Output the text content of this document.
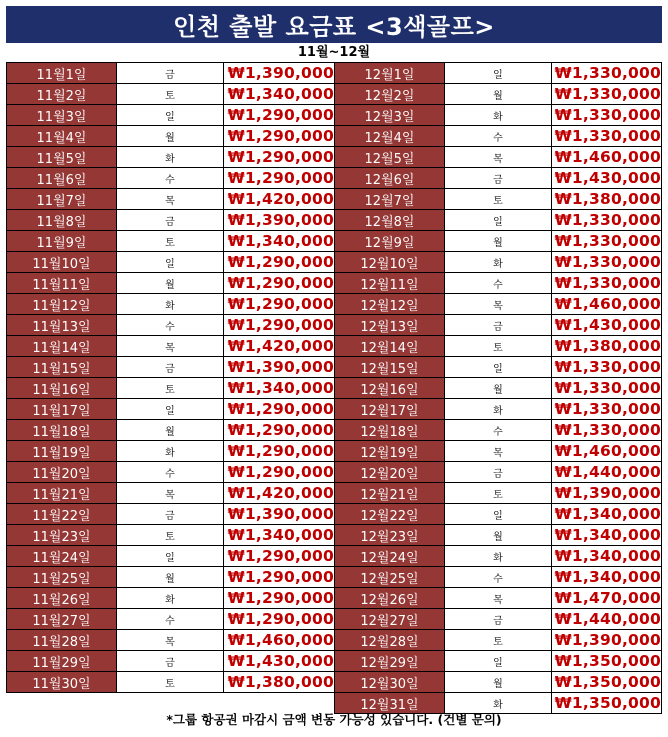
인천 출발 요금표 <3색골프>
11월~12월
11월1일	금	₩1,390,000
11월2일	토	₩1,340,000
11월3일	일	₩1,290,000
11월4일	월	₩1,290,000
11월5일	화	₩1,290,000
11월6일	수	₩1,290,000
11월7일	목	₩1,420,000
11월8일	금	₩1,390,000
11월9일	토	₩1,340,000
11월10일	일	₩1,290,000
11월11일	월	₩1,290,000
11월12일	화	₩1,290,000
11월13일	수	₩1,290,000
11월14일	목	₩1,420,000
11월15일	금	₩1,390,000
11월16일	토	₩1,340,000
11월17일	일	₩1,290,000
11월18일	월	₩1,290,000
11월19일	화	₩1,290,000
11월20일	수	₩1,290,000
11월21일	목	₩1,420,000
11월22일	금	₩1,390,000
11월23일	토	₩1,340,000
11월24일	일	₩1,290,000
11월25일	월	₩1,290,000
11월26일	화	₩1,290,000
11월27일	수	₩1,290,000
11월28일	목	₩1,460,000
11월29일	금	₩1,430,000
11월30일	토	₩1,380,000
12월1일	일	₩1,330,000
12월2일	월	₩1,330,000
12월3일	화	₩1,330,000
12월4일	수	₩1,330,000
12월5일	목	₩1,460,000
12월6일	금	₩1,430,000
12월7일	토	₩1,380,000
12월8일	일	₩1,330,000
12월9일	월	₩1,330,000
12월10일	화	₩1,330,000
12월11일	수	₩1,330,000
12월12일	목	₩1,460,000
12월13일	금	₩1,430,000
12월14일	토	₩1,380,000
12월15일	일	₩1,330,000
12월16일	월	₩1,330,000
12월17일	화	₩1,330,000
12월18일	수	₩1,330,000
12월19일	목	₩1,460,000
12월20일	금	₩1,440,000
12월21일	토	₩1,390,000
12월22일	일	₩1,340,000
12월23일	월	₩1,340,000
12월24일	화	₩1,340,000
12월25일	수	₩1,340,000
12월26일	목	₩1,470,000
12월27일	금	₩1,440,000
12월28일	토	₩1,390,000
12월29일	일	₩1,350,000
12월30일	월	₩1,350,000
12월31일	화	₩1,350,000
*그룹 항공권 마감시 금액 변동 가능성 있습니다. (건별 문의)
